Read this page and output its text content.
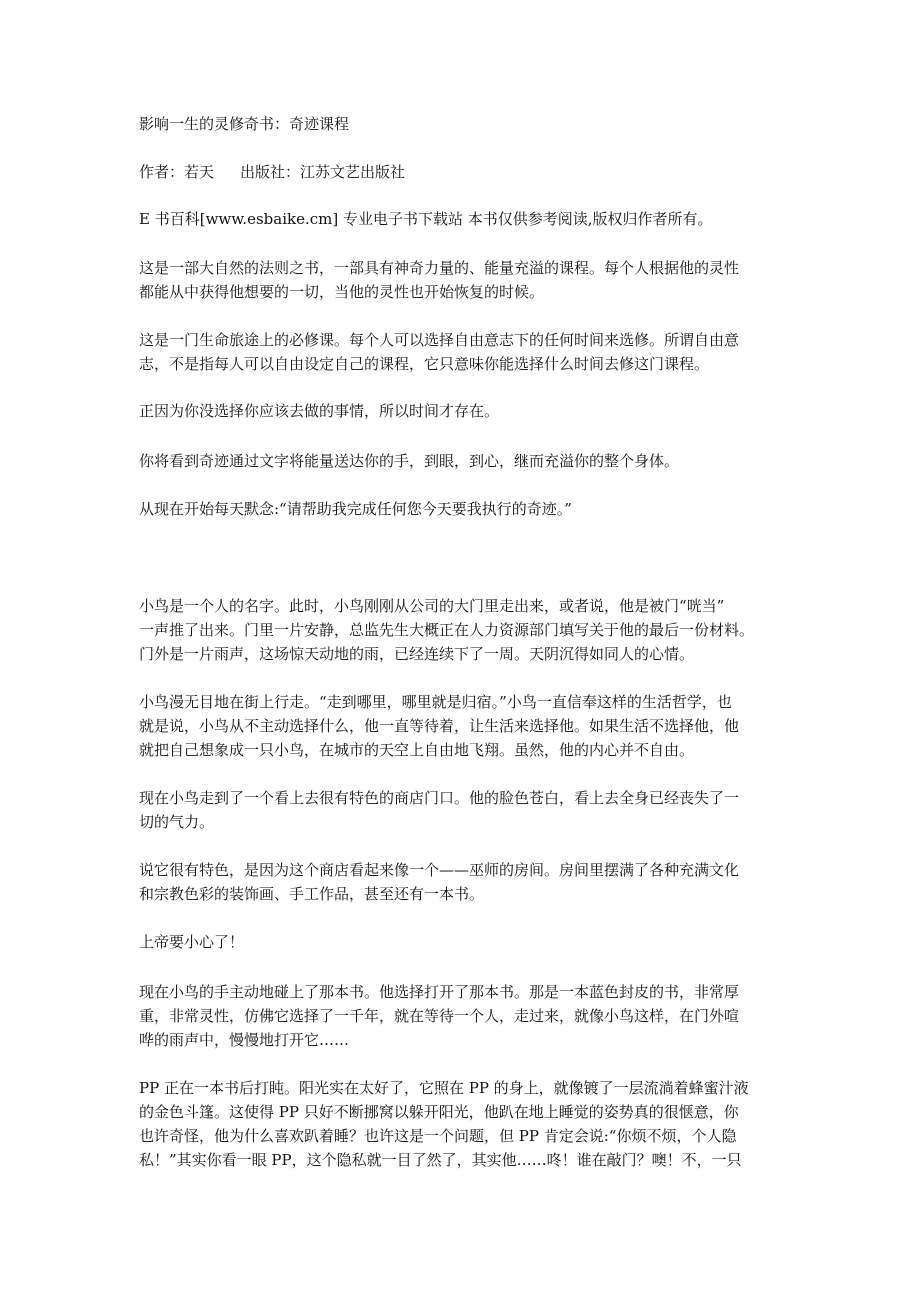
影响一生的灵修奇书：奇迹课程

作者：若天 出版社：江苏文艺出版社

E 书百科[www.esbaike.cm] 专业电子书下载站 本书仅供参考阅读,版权归作者所有。

这是一部大自然的法则之书，一部具有神奇力量的、能量充溢的课程。每个人根据他的灵性
都能从中获得他想要的一切，当他的灵性也开始恢复的时候。

这是一门生命旅途上的必修课。每个人可以选择自由意志下的任何时间来选修。所谓自由意
志，不是指每人可以自由设定自己的课程，它只意味你能选择什么时间去修这门课程。

正因为你没选择你应该去做的事情，所以时间才存在。

你将看到奇迹通过文字将能量送达你的手，到眼，到心，继而充溢你的整个身体。

从现在开始每天默念:“请帮助我完成任何您今天要我执行的奇迹。”

小鸟是一个人的名字。此时，小鸟刚刚从公司的大门里走出来，或者说，他是被门“咣当”
一声推了出来。门里一片安静，总监先生大概正在人力资源部门填写关于他的最后一份材料。
门外是一片雨声，这场惊天动地的雨，已经连续下了一周。天阴沉得如同人的心情。

小鸟漫无目地在街上行走。“走到哪里，哪里就是归宿。”小鸟一直信奉这样的生活哲学，也
就是说，小鸟从不主动选择什么，他一直等待着，让生活来选择他。如果生活不选择他，他
就把自己想象成一只小鸟，在城市的天空上自由地飞翔。虽然，他的内心并不自由。

现在小鸟走到了一个看上去很有特色的商店门口。他的脸色苍白，看上去全身已经丧失了一
切的气力。

说它很有特色，是因为这个商店看起来像一个——巫师的房间。房间里摆满了各种充满文化
和宗教色彩的装饰画、手工作品，甚至还有一本书。

上帝要小心了！

现在小鸟的手主动地碰上了那本书。他选择打开了那本书。那是一本蓝色封皮的书，非常厚
重，非常灵性，仿佛它选择了一千年，就在等待一个人，走过来，就像小鸟这样，在门外喧
哗的雨声中，慢慢地打开它……

PP 正在一本书后打盹。阳光实在太好了，它照在 PP 的身上，就像镀了一层流淌着蜂蜜汁液
的金色斗篷。这使得 PP 只好不断挪窝以躲开阳光，他趴在地上睡觉的姿势真的很惬意，你
也许奇怪，他为什么喜欢趴着睡？也许这是一个问题，但 PP 肯定会说:“你烦不烦，个人隐
私！”其实你看一眼 PP，这个隐私就一目了然了，其实他……咚！谁在敲门？噢！不，一只
